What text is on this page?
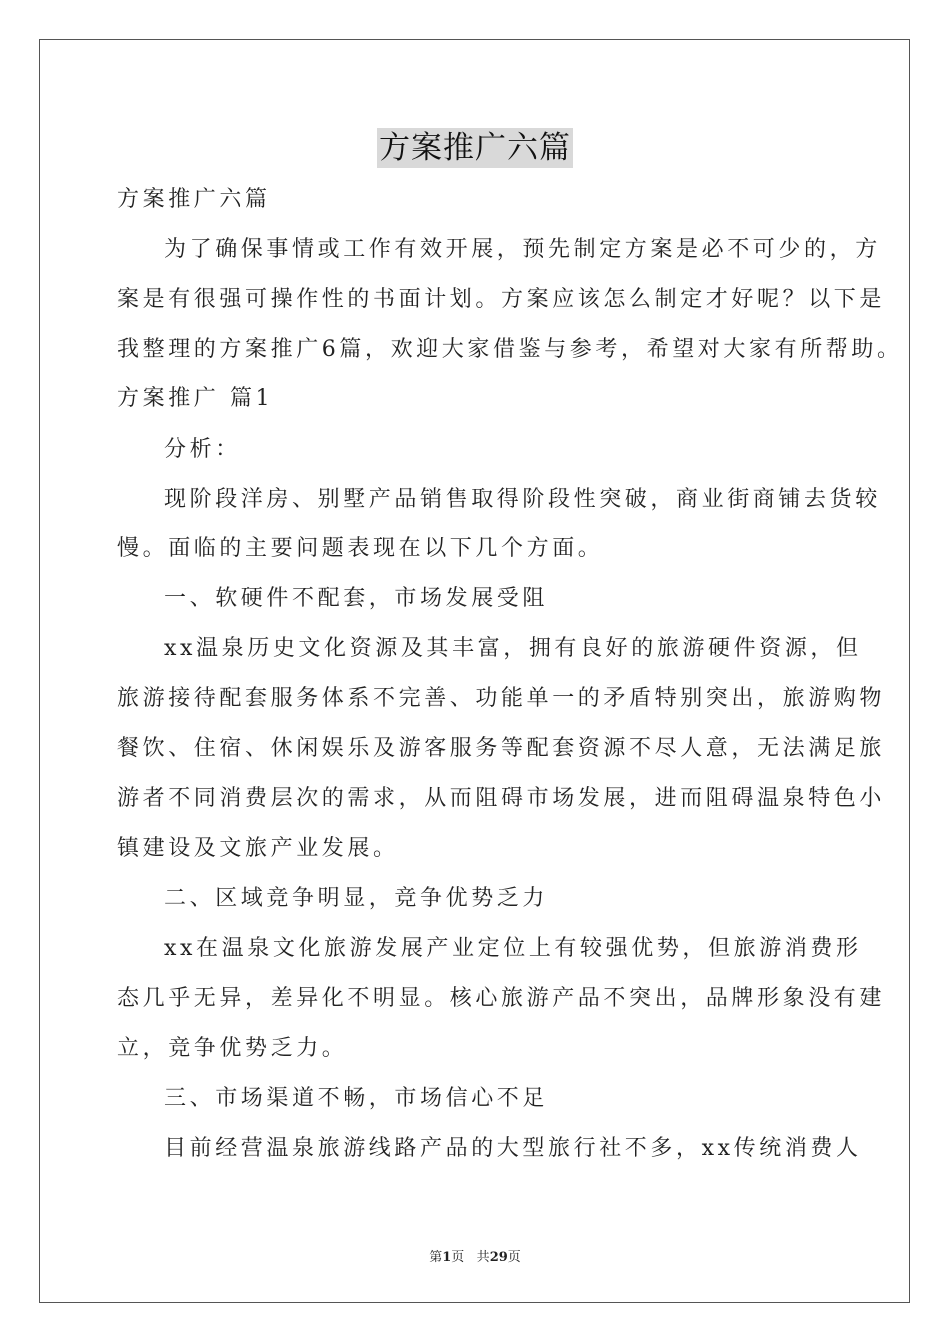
方案推广六篇
方案推广六篇
为了确保事情或工作有效开展，预先制定方案是必不可少的，方
案是有很强可操作性的书面计划。方案应该怎么制定才好呢？以下是
我整理的方案推广6篇，欢迎大家借鉴与参考，希望对大家有所帮助。
方案推广 篇1
分析：
现阶段洋房、别墅产品销售取得阶段性突破，商业街商铺去货较
慢。面临的主要问题表现在以下几个方面。
一、软硬件不配套，市场发展受阻
xx温泉历史文化资源及其丰富，拥有良好的旅游硬件资源，但
旅游接待配套服务体系不完善、功能单一的矛盾特别突出，旅游购物
餐饮、住宿、休闲娱乐及游客服务等配套资源不尽人意，无法满足旅
游者不同消费层次的需求，从而阻碍市场发展，进而阻碍温泉特色小
镇建设及文旅产业发展。
二、区域竞争明显，竞争优势乏力
xx在温泉文化旅游发展产业定位上有较强优势，但旅游消费形
态几乎无异，差异化不明显。核心旅游产品不突出，品牌形象没有建
立，竞争优势乏力。
三、市场渠道不畅，市场信心不足
目前经营温泉旅游线路产品的大型旅行社不多，xx传统消费人
第1页 共29页
